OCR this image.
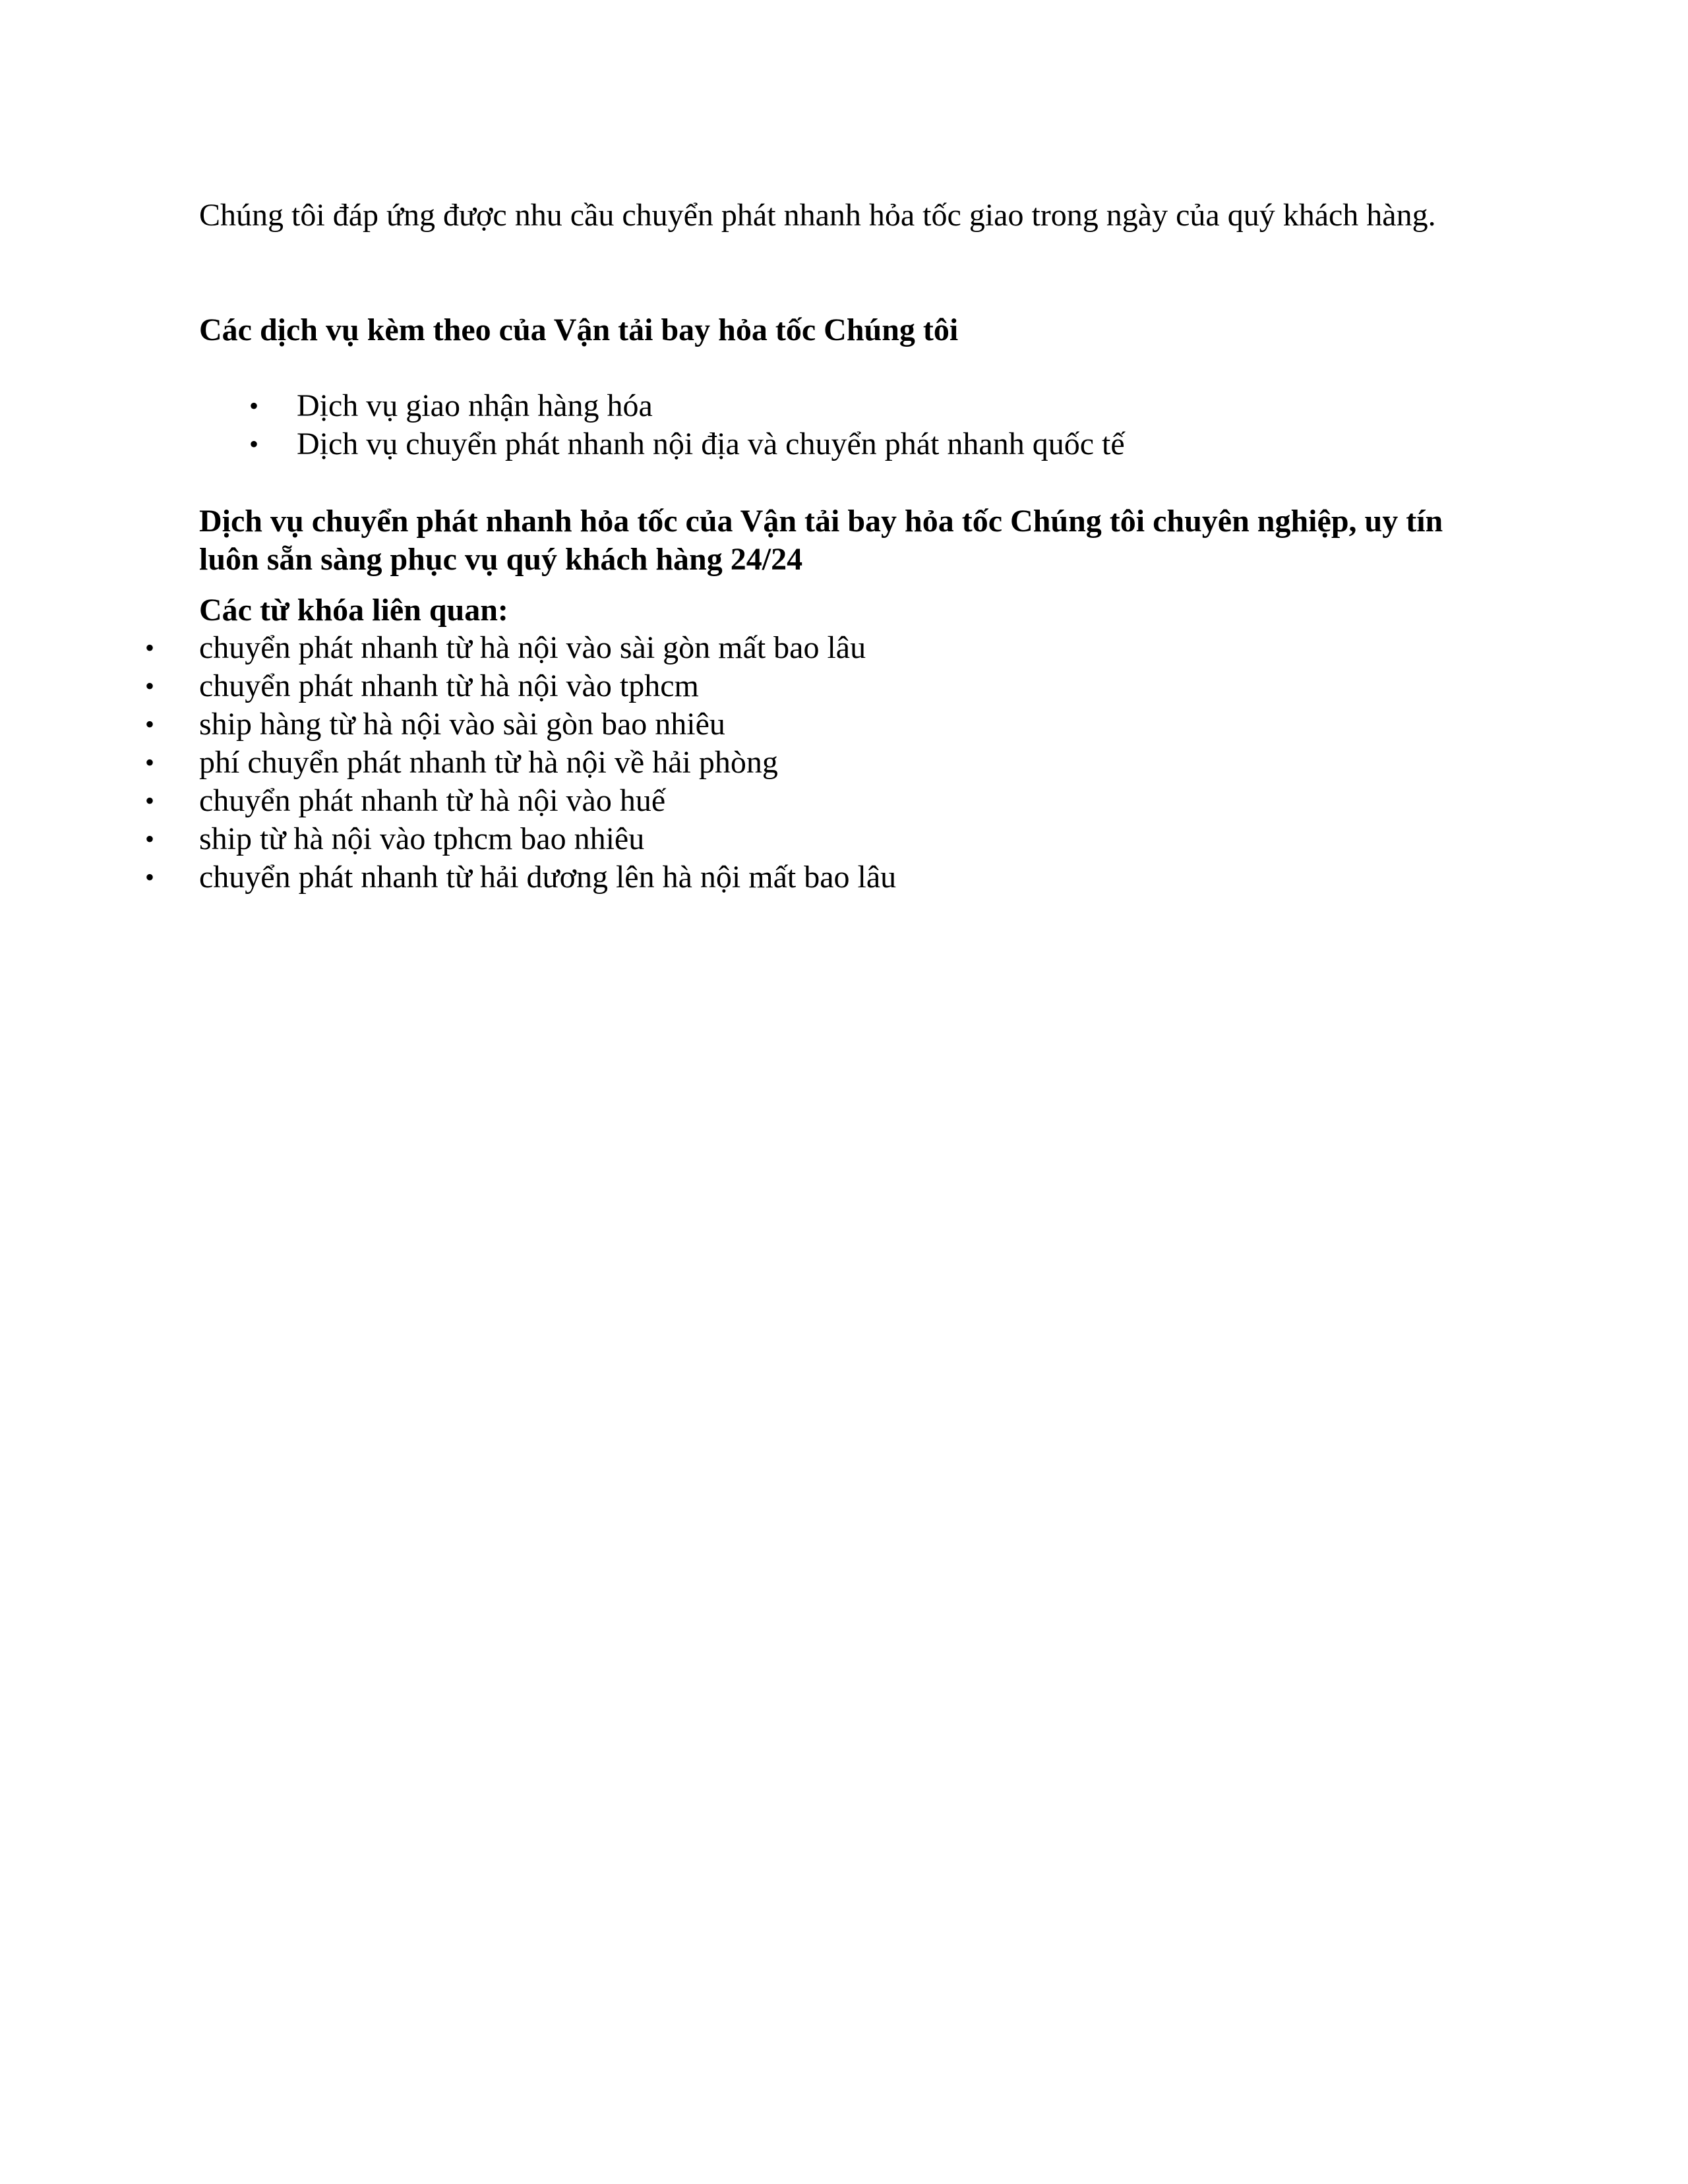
Chúng tôi đáp ứng được nhu cầu chuyển phát nhanh hỏa tốc giao trong ngày của quý khách hàng.

Các dịch vụ kèm theo của Vận tải bay hỏa tốc Chúng tôi

• Dịch vụ giao nhận hàng hóa
• Dịch vụ chuyển phát nhanh nội địa và chuyển phát nhanh quốc tế

Dịch vụ chuyển phát nhanh hỏa tốc của Vận tải bay hỏa tốc Chúng tôi chuyên nghiệp, uy tín luôn sẵn sàng phục vụ quý khách hàng 24/24

Các từ khóa liên quan:

• chuyển phát nhanh từ hà nội vào sài gòn mất bao lâu
• chuyển phát nhanh từ hà nội vào tphcm
• ship hàng từ hà nội vào sài gòn bao nhiêu
• phí chuyển phát nhanh từ hà nội về hải phòng
• chuyển phát nhanh từ hà nội vào huế
• ship từ hà nội vào tphcm bao nhiêu
• chuyển phát nhanh từ hải dương lên hà nội mất bao lâu
